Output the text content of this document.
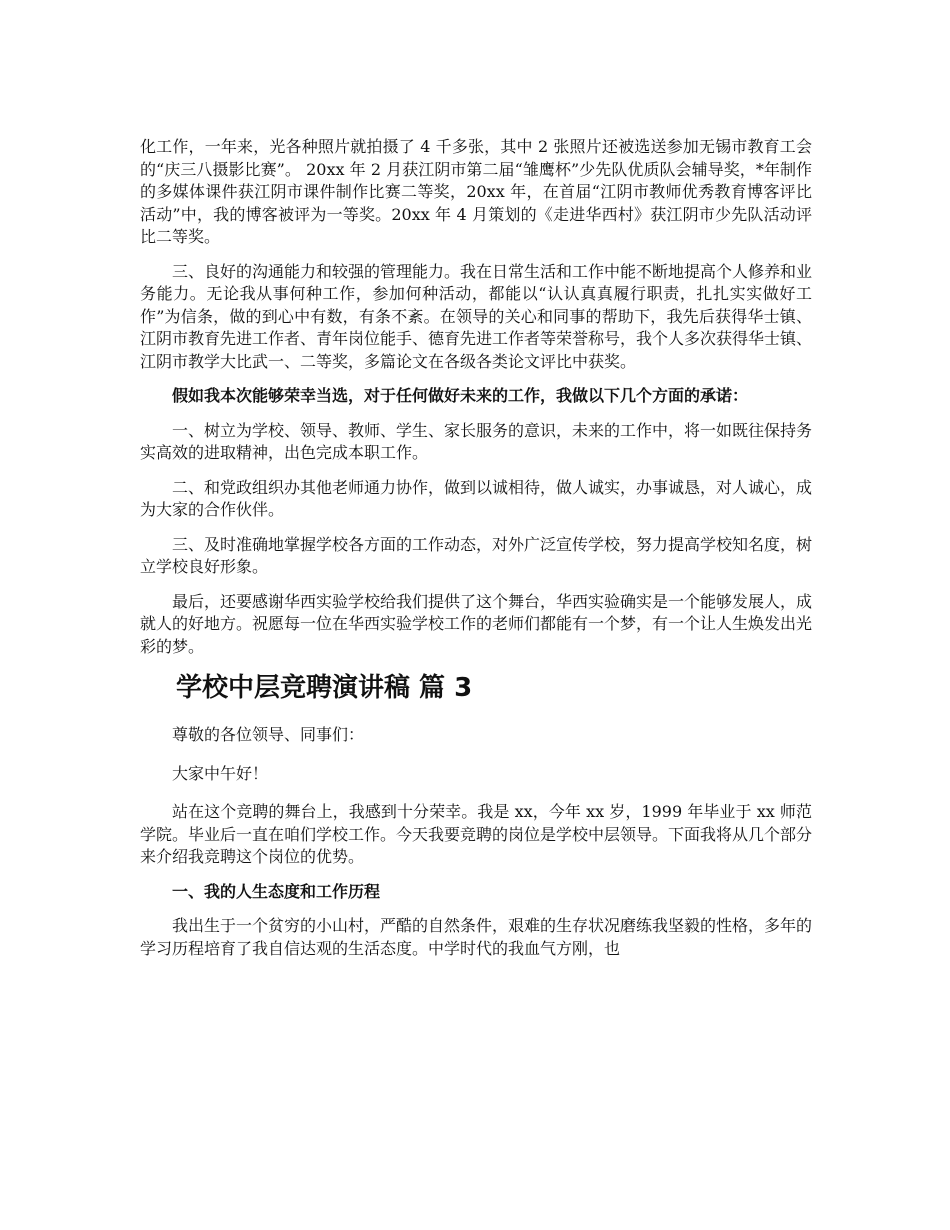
化工作，一年来，光各种照片就拍摄了 4 千多张，其中 2 张照片还被选送参加无锡市教育工会的“庆三八摄影比赛”。 20xx 年 2 月获江阴市第二届“雏鹰杯”少先队优质队会辅导奖，*年制作的多媒体课件获江阴市课件制作比赛二等奖，20xx 年，在首届“江阴市教师优秀教育博客评比活动”中，我的博客被评为一等奖。20xx 年 4 月策划的《走进华西村》获江阴市少先队活动评比二等奖。

三、良好的沟通能力和较强的管理能力。我在日常生活和工作中能不断地提高个人修养和业务能力。无论我从事何种工作，参加何种活动，都能以“认认真真履行职责，扎扎实实做好工作”为信条，做的到心中有数，有条不紊。在领导的关心和同事的帮助下，我先后获得华士镇、江阴市教育先进工作者、青年岗位能手、德育先进工作者等荣誉称号，我个人多次获得华士镇、江阴市教学大比武一、二等奖，多篇论文在各级各类论文评比中获奖。

假如我本次能够荣幸当选，对于任何做好未来的工作，我做以下几个方面的承诺：

一、树立为学校、领导、教师、学生、家长服务的意识，未来的工作中，将一如既往保持务实高效的进取精神，出色完成本职工作。

二、和党政组织办其他老师通力协作，做到以诚相待，做人诚实，办事诚恳，对人诚心，成为大家的合作伙伴。

三、及时准确地掌握学校各方面的工作动态，对外广泛宣传学校，努力提高学校知名度，树立学校良好形象。

最后，还要感谢华西实验学校给我们提供了这个舞台，华西实验确实是一个能够发展人，成就人的好地方。祝愿每一位在华西实验学校工作的老师们都能有一个梦，有一个让人生焕发出光彩的梦。

学校中层竞聘演讲稿 篇 3

尊敬的各位领导、同事们：

大家中午好！

站在这个竞聘的舞台上，我感到十分荣幸。我是 xx，今年 xx 岁，1999 年毕业于 xx 师范学院。毕业后一直在咱们学校工作。今天我要竞聘的岗位是学校中层领导。下面我将从几个部分来介绍我竞聘这个岗位的优势。

一、我的人生态度和工作历程

我出生于一个贫穷的小山村，严酷的自然条件，艰难的生存状况磨练我坚毅的性格，多年的学习历程培育了我自信达观的生活态度。中学时代的我血气方刚，也
